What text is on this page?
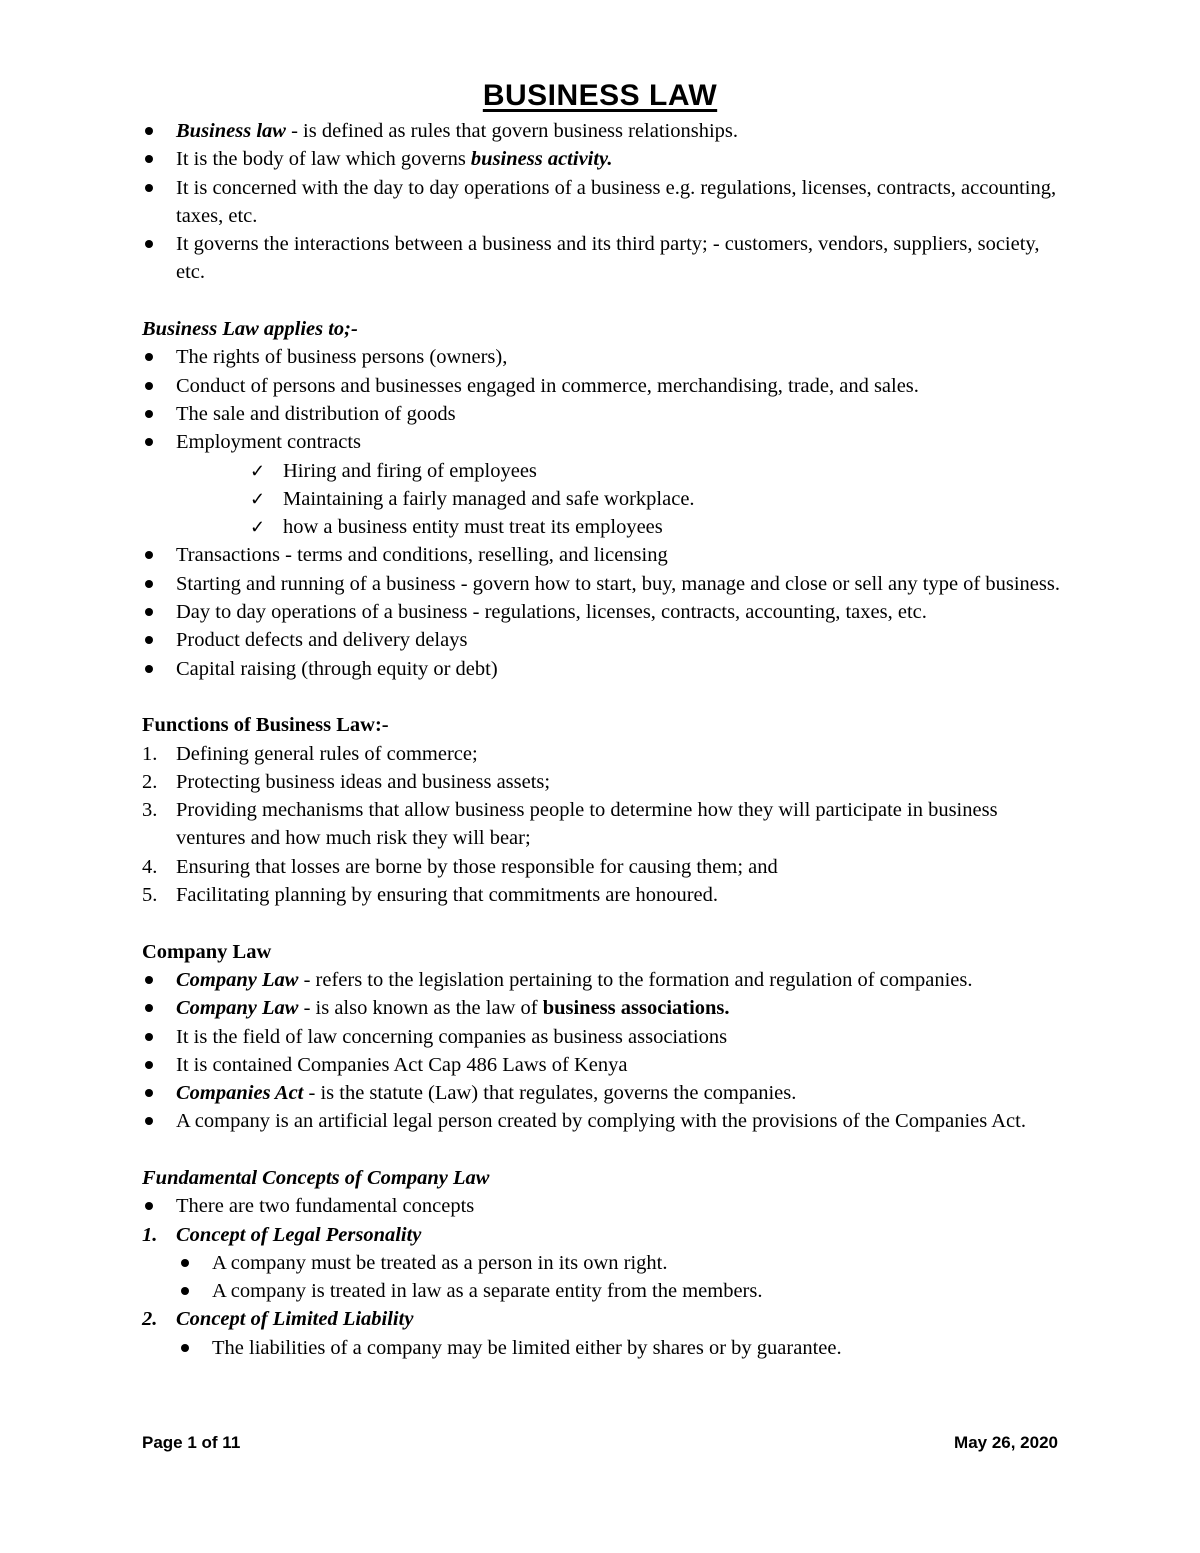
BUSINESS LAW
Business law - is defined as rules that govern business relationships.
It is the body of law which governs business activity.
It is concerned with the day to day operations of a business e.g. regulations, licenses, contracts, accounting, taxes, etc.
It governs the interactions between a business and its third party; - customers, vendors, suppliers, society, etc.
Business Law applies to;-
The rights of business persons (owners),
Conduct of persons and businesses engaged in commerce, merchandising, trade, and sales.
The sale and distribution of goods
Employment contracts
✓ Hiring and firing of employees
✓ Maintaining a fairly managed and safe workplace.
✓ how a business entity must treat its employees
Transactions - terms and conditions, reselling, and licensing
Starting and running of a business - govern how to start, buy, manage and close or sell any type of business.
Day to day operations of a business - regulations, licenses, contracts, accounting, taxes, etc.
Product defects and delivery delays
Capital raising (through equity or debt)
Functions of Business Law:-
1. Defining general rules of commerce;
2. Protecting business ideas and business assets;
3. Providing mechanisms that allow business people to determine how they will participate in business ventures and how much risk they will bear;
4. Ensuring that losses are borne by those responsible for causing them; and
5. Facilitating planning by ensuring that commitments are honoured.
Company Law
Company Law - refers to the legislation pertaining to the formation and regulation of companies.
Company Law - is also known as the law of business associations.
It is the field of law concerning companies as business associations
It is contained Companies Act Cap 486 Laws of Kenya
Companies Act - is the statute (Law) that regulates, governs the companies.
A company is an artificial legal person created by complying with the provisions of the Companies Act.
Fundamental Concepts of Company Law
There are two fundamental concepts
1. Concept of Legal Personality
A company must be treated as a person in its own right.
A company is treated in law as a separate entity from the members.
2. Concept of Limited Liability
The liabilities of a company may be limited either by shares or by guarantee.
Page 1 of 11	May 26, 2020
